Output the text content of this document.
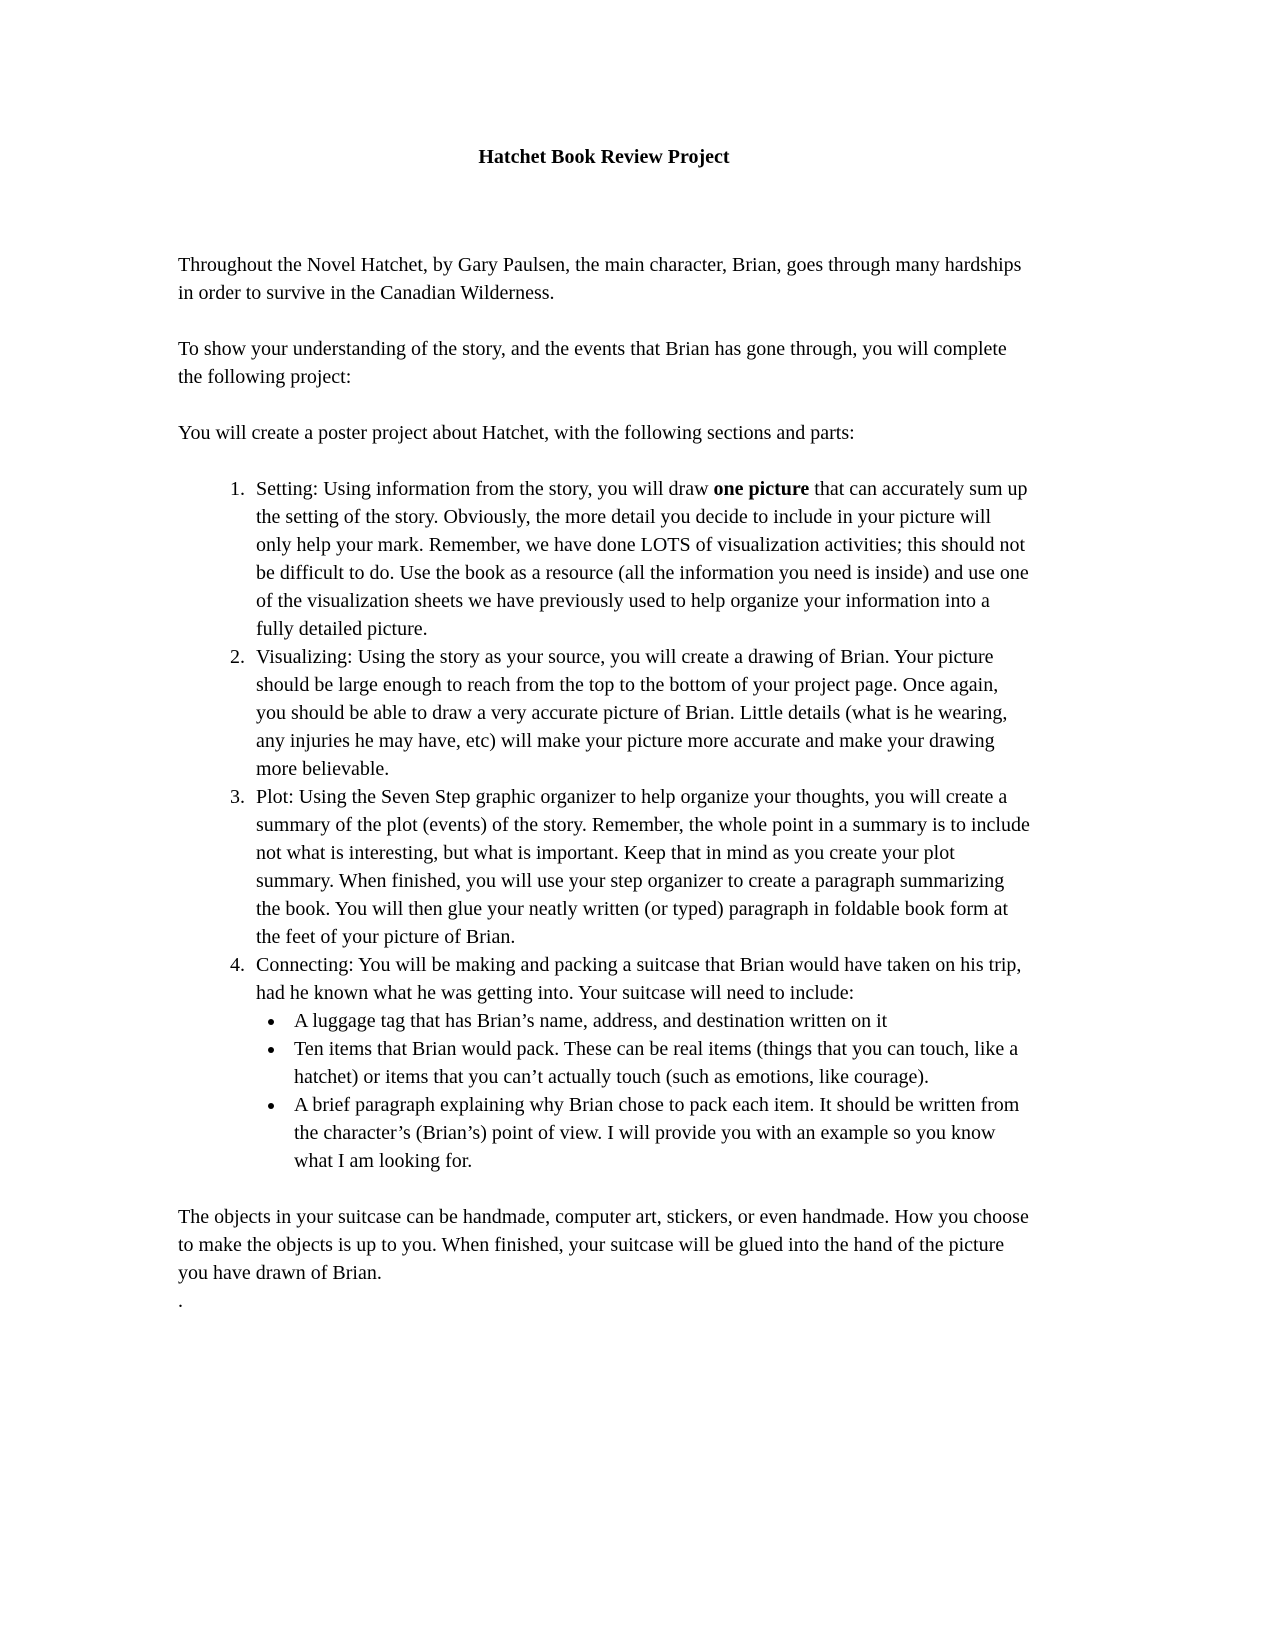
Hatchet Book Review Project

Throughout the Novel Hatchet, by Gary Paulsen, the main character, Brian, goes through many hardships in order to survive in the Canadian Wilderness.

To show your understanding of the story, and the events that Brian has gone through, you will complete the following project:

You will create a poster project about Hatchet, with the following sections and parts:

1. Setting: Using information from the story, you will draw one picture that can accurately sum up the setting of the story. Obviously, the more detail you decide to include in your picture will only help your mark. Remember, we have done LOTS of visualization activities; this should not be difficult to do. Use the book as a resource (all the information you need is inside) and use one of the visualization sheets we have previously used to help organize your information into a fully detailed picture.
2. Visualizing: Using the story as your source, you will create a drawing of Brian. Your picture should be large enough to reach from the top to the bottom of your project page. Once again, you should be able to draw a very accurate picture of Brian. Little details (what is he wearing, any injuries he may have, etc) will make your picture more accurate and make your drawing more believable.
3. Plot: Using the Seven Step graphic organizer to help organize your thoughts, you will create a summary of the plot (events) of the story. Remember, the whole point in a summary is to include not what is interesting, but what is important. Keep that in mind as you create your plot summary. When finished, you will use your step organizer to create a paragraph summarizing the book. You will then glue your neatly written (or typed) paragraph in foldable book form at the feet of your picture of Brian.
4. Connecting: You will be making and packing a suitcase that Brian would have taken on his trip, had he known what he was getting into. Your suitcase will need to include:
• A luggage tag that has Brian’s name, address, and destination written on it
• Ten items that Brian would pack. These can be real items (things that you can touch, like a hatchet) or items that you can’t actually touch (such as emotions, like courage).
• A brief paragraph explaining why Brian chose to pack each item. It should be written from the character’s (Brian’s) point of view. I will provide you with an example so you know what I am looking for.

The objects in your suitcase can be handmade, computer art, stickers, or even handmade. How you choose to make the objects is up to you. When finished, your suitcase will be glued into the hand of the picture you have drawn of Brian.

.
